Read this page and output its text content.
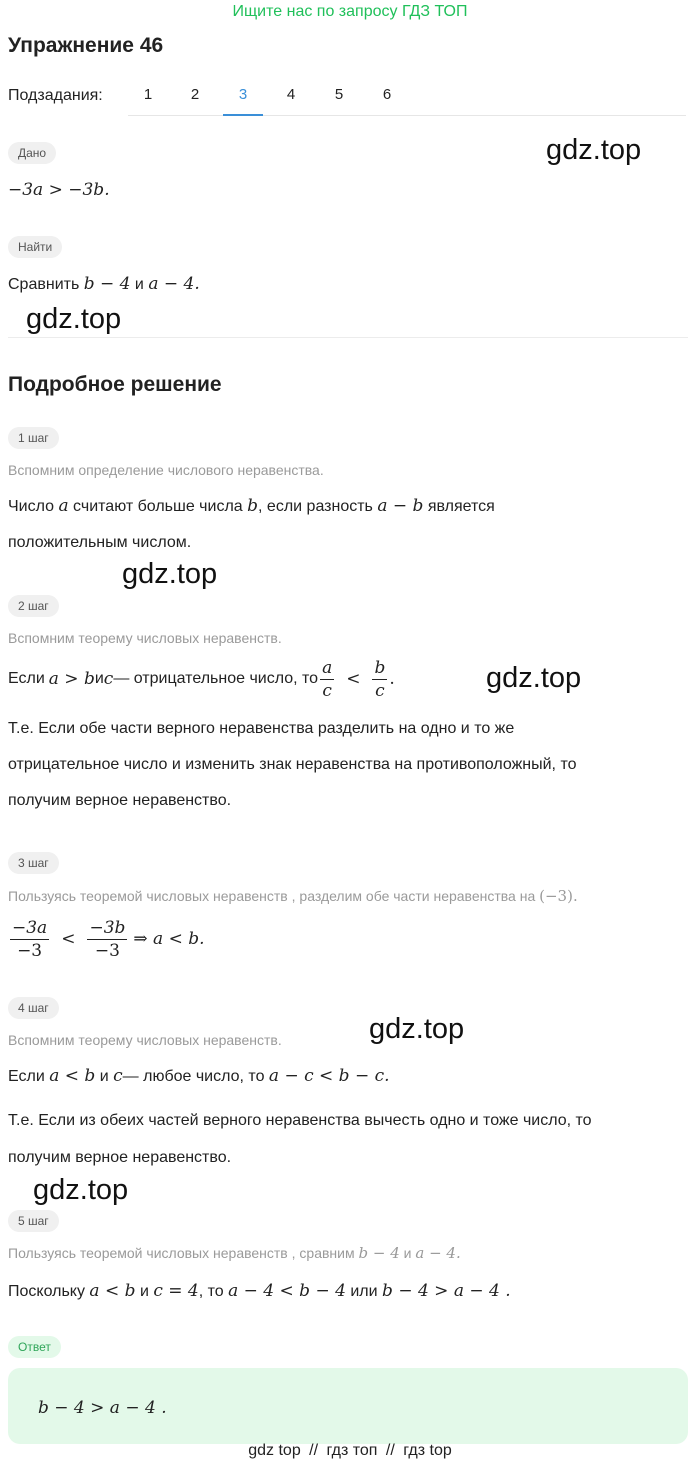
Ищите нас по запросу ГДЗ ТОП
Упражнение 46
Подзадания:	1	2	3	4	5	6
Дано
−3a > −3b.
gdz.top
Найти
Сравнить b − 4 и a − 4.
gdz.top
Подробное решение
1 шаг
Вспомним определение числового неравенства.
Число a считают больше числа b, если разность a − b является
положительным числом.
gdz.top
2 шаг
Вспомним теорему числовых неравенств.
Если a > b и c — отрицательное число, то $\frac{a}{c} < \frac{b}{c}$ .	gdz.top
Т.е. Если обе части верного неравенства разделить на одно и то же
отрицательное число и изменить знак неравенства на противоположный, то
получим верное неравенство.
3 шаг
Пользуясь теоремой числовых неравенств , разделим обе части неравенства на (−3).
$\frac{-3a}{-3} < \frac{-3b}{-3}$ ⇒ a < b.
4 шаг
Вспомним теорему числовых неравенств.	gdz.top
Если a < b и c— любое число, то a − c < b − c.
Т.е. Если из обеих частей верного неравенства вычесть одно и тоже число, то
получим верное неравенство.
gdz.top
5 шаг
Пользуясь теоремой числовых неравенств , сравним b − 4 и a − 4.
Поскольку a < b и c = 4, то a − 4 < b − 4 или b − 4 > a − 4 .
Ответ
b − 4 > a − 4 .
gdz top // гдз топ // гдз top
